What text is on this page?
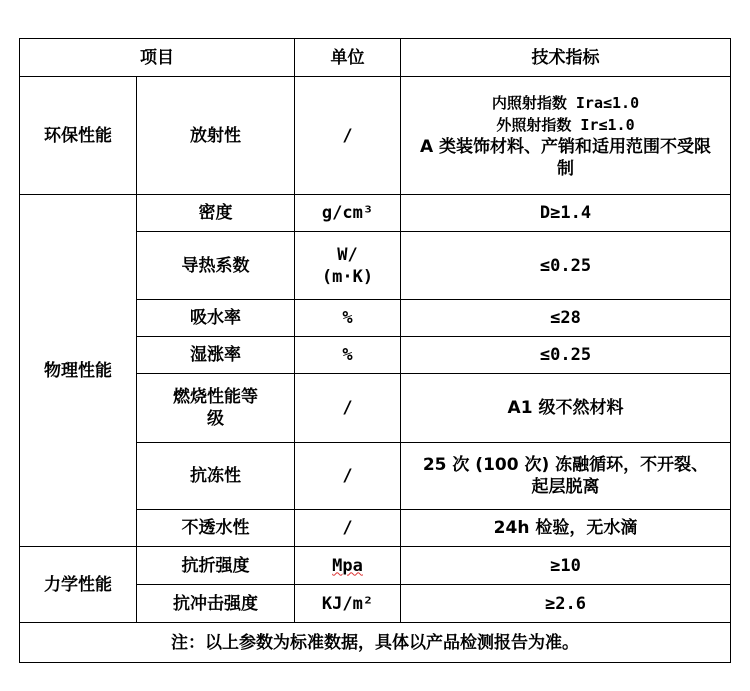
项目		单位	技术指标
环保性能	放射性	/	内照射指数 Ira≤1.0
外照射指数 Ir≤1.0
A 类装饰材料、产销和适用范围不受限
制

物理性能	密度	g/cm³	D≥1.4
	导热系数	W/
(m·K)	≤0.25
	吸水率	%	≤28
	湿涨率	%	≤0.25

	燃烧性能等
级	/	A1 级不然材料
	抗冻性	/	25 次 (100 次) 冻融循环，不开裂、
起层脱离

	不透水性	/	24h 检验，无水滴
力学性能	抗折强度	Mpa	≥10
	抗冲击强度	KJ/m²	≥2.6
注：以上参数为标准数据，具体以产品检测报告为准。			
